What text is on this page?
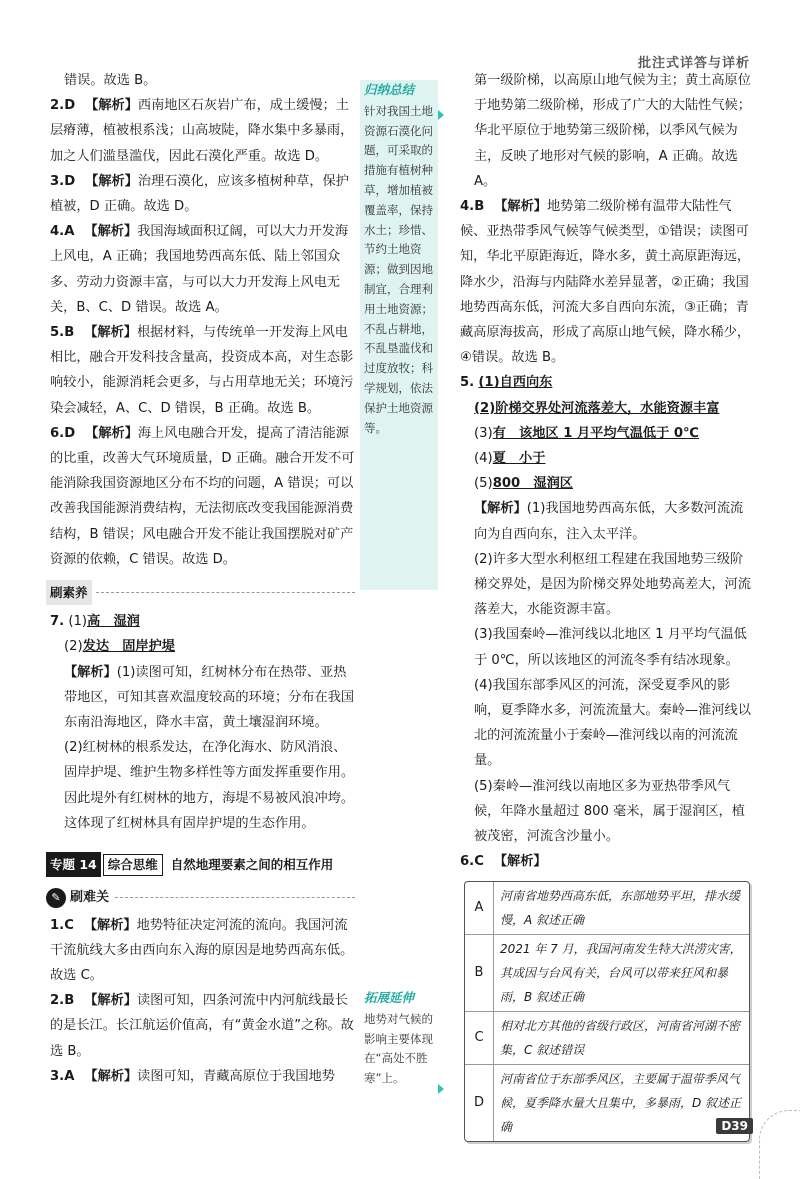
批注式详答与详析

错误。故选 B。

2.D 【解析】西南地区石灰岩广布，成土缓慢；土层瘠薄，植被根系浅；山高坡陡，降水集中多暴雨，加之人们滥垦滥伐，因此石漠化严重。故选 D。

3.D 【解析】治理石漠化，应该多植树种草，保护植被，D 正确。故选 D。

4.A 【解析】我国海域面积辽阔，可以大力开发海上风电，A 正确；我国地势西高东低、陆上邻国众多、劳动力资源丰富，与可以大力开发海上风电无关，B、C、D 错误。故选 A。

5.B 【解析】根据材料，与传统单一开发海上风电相比，融合开发科技含量高，投资成本高，对生态影响较小，能源消耗会更多，与占用草地无关；环境污染会减轻，A、C、D 错误，B 正确。故选 B。

6.D 【解析】海上风电融合开发，提高了清洁能源的比重，改善大气环境质量，D 正确。融合开发不可能消除我国资源地区分布不均的问题，A 错误；可以改善我国能源消费结构，无法彻底改变我国能源消费结构，B 错误；风电融合开发不能让我国摆脱对矿产资源的依赖，C 错误。故选 D。

刷素养

7. (1)高　湿润

(2)发达　固岸护堤

【解析】(1)读图可知，红树林分布在热带、亚热带地区，可知其喜欢温度较高的环境；分布在我国东南沿海地区，降水丰富，黄土壤湿润环境。

(2)红树林的根系发达，在净化海水、防风消浪、固岸护堤、维护生物多样性等方面发挥重要作用。因此堤外有红树林的地方，海堤不易被风浪冲垮。这体现了红树林具有固岸护堤的生态作用。

专题 14 综合思维	自然地理要素之间的相互作用
✎ 刷难关

1.C 【解析】地势特征决定河流的流向。我国河流干流航线大多由西向东入海的原因是地势西高东低。故选 C。

2.B 【解析】读图可知，四条河流中内河航线最长的是长江。长江航运价值高，有“黄金水道”之称。故选 B。

3.A 【解析】读图可知，青藏高原位于我国地势

归纳总结
针对我国土地资源石漠化问题，可采取的措施有植树种草，增加植被覆盖率，保持水土；珍惜、节约土地资源；做到因地制宜，合理利用土地资源；不乱占耕地，不乱垦滥伐和过度放牧；科学规划，依法保护土地资源等。
拓展延伸
地势对气候的影响主要体现在“高处不胜寒”上。

第一级阶梯，以高原山地气候为主；黄土高原位于地势第二级阶梯，形成了广大的大陆性气候；华北平原位于地势第三级阶梯，以季风气候为主，反映了地形对气候的影响，A 正确。故选 A。

4.B 【解析】地势第二级阶梯有温带大陆性气候、亚热带季风气候等气候类型，①错误；读图可知，华北平原距海近，降水多，黄土高原距海远，降水少，沿海与内陆降水差异显著，②正确；我国地势西高东低，河流大多自西向东流，③正确；青藏高原海拔高，形成了高原山地气候，降水稀少，④错误。故选 B。

5. (1)自西向东

(2)阶梯交界处河流落差大，水能资源丰富

(3)有　该地区 1 月平均气温低于 0℃

(4)夏　小于

(5)800　湿润区

【解析】(1)我国地势西高东低，大多数河流流向为自西向东，注入太平洋。

(2)许多大型水利枢纽工程建在我国地势三级阶梯交界处，是因为阶梯交界处地势高差大，河流落差大，水能资源丰富。

(3)我国秦岭—淮河线以北地区 1 月平均气温低于 0℃，所以该地区的河流冬季有结冰现象。

(4)我国东部季风区的河流，深受夏季风的影响，夏季降水多，河流流量大。秦岭—淮河线以北的河流流量小于秦岭—淮河线以南的河流流量。

(5)秦岭—淮河线以南地区多为亚热带季风气候，年降水量超过 800 毫米，属于湿润区，植被茂密，河流含沙量小。

6.C 【解析】

A
河南省地势西高东低，东部地势平坦，排水缓慢，A 叙述正确
B
2021 年 7 月，我国河南发生特大洪涝灾害，其成因与台风有关，台风可以带来狂风和暴雨，B 叙述正确
C
相对北方其他的省级行政区，河南省河湖不密集，C 叙述错误
D
河南省位于东部季风区，主要属于温带季风气候，夏季降水量大且集中，多暴雨，D 叙述正确	D39
